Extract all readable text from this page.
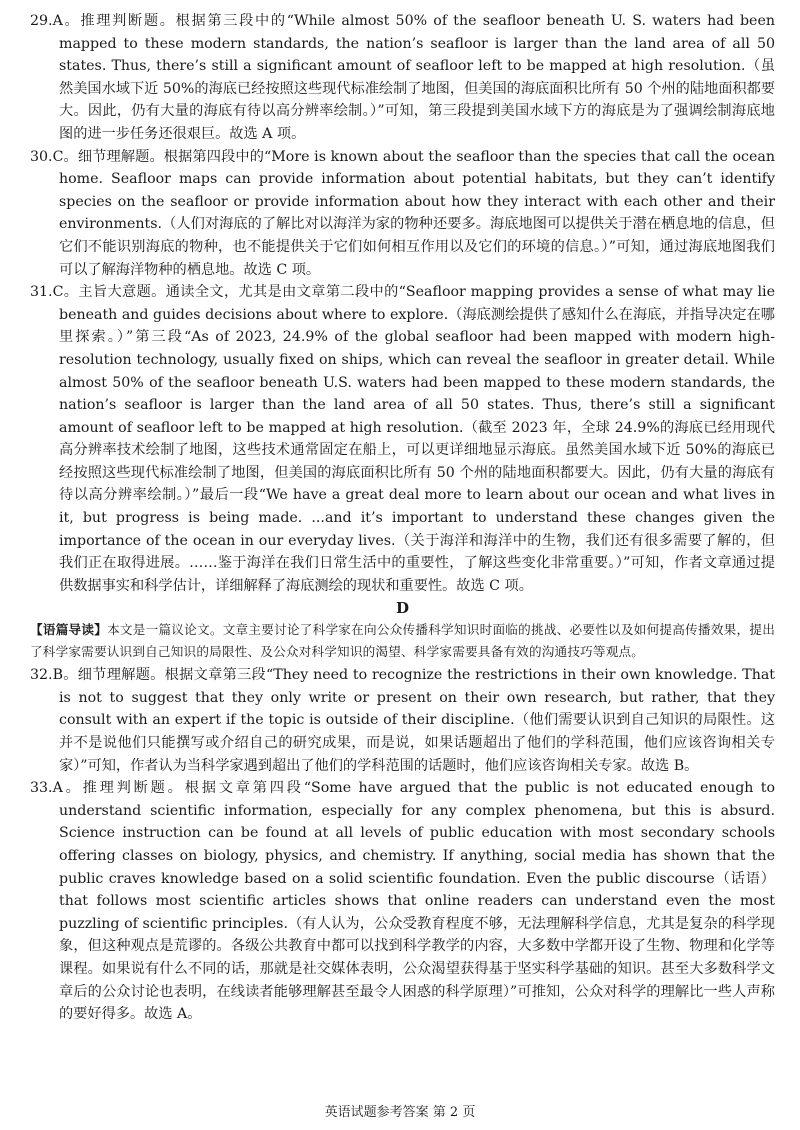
29.A。推理判断题。根据第三段中的“While almost 50% of the seafloor beneath U. S. waters had been mapped to these modern standards, the nation’s seafloor is larger than the land area of all 50 states. Thus, there’s still a significant amount of seafloor left to be mapped at high resolution.（虽然美国水域下近 50%的海底已经按照这些现代标准绘制了地图，但美国的海底面积比所有 50 个州的陆地面积都要大。因此，仍有大量的海底有待以高分辨率绘制。）”可知，第三段提到美国水域下方的海底是为了强调绘制海底地图的进一步任务还很艰巨。故选 A 项。

30.C。细节理解题。根据第四段中的“More is known about the seafloor than the species that call the ocean home. Seafloor maps can provide information about potential habitats, but they can’t identify species on the seafloor or provide information about how they interact with each other and their environments.（人们对海底的了解比对以海洋为家的物种还要多。海底地图可以提供关于潜在栖息地的信息，但它们不能识别海底的物种，也不能提供关于它们如何相互作用以及它们的环境的信息。）”可知，通过海底地图我们可以了解海洋物种的栖息地。故选 C 项。

31.C。主旨大意题。通读全文，尤其是由文章第二段中的“Seafloor mapping provides a sense of what may lie beneath and guides decisions about where to explore.（海底测绘提供了感知什么在海底，并指导决定在哪里探索。）”第三段“As of 2023, 24.9% of the global seafloor had been mapped with modern high-resolution technology, usually fixed on ships, which can reveal the seafloor in greater detail. While almost 50% of the seafloor beneath U.S. waters had been mapped to these modern standards, the nation’s seafloor is larger than the land area of all 50 states. Thus, there’s still a significant amount of seafloor left to be mapped at high resolution.（截至 2023 年，全球 24.9%的海底已经用现代高分辨率技术绘制了地图，这些技术通常固定在船上，可以更详细地显示海底。虽然美国水域下近 50%的海底已经按照这些现代标准绘制了地图，但美国的海底面积比所有 50 个州的陆地面积都要大。因此，仍有大量的海底有待以高分辨率绘制。）”最后一段“We have a great deal more to learn about our ocean and what lives in it, but progress is being made. ...and it’s important to understand these changes given the importance of the ocean in our everyday lives.（关于海洋和海洋中的生物，我们还有很多需要了解的，但我们正在取得进展。……鉴于海洋在我们日常生活中的重要性，了解这些变化非常重要。）”可知，作者文章通过提供数据事实和科学估计，详细解释了海底测绘的现状和重要性。故选 C 项。

D

【语篇导读】本文是一篇议论文。文章主要讨论了科学家在向公众传播科学知识时面临的挑战、必要性以及如何提高传播效果，提出了科学家需要认识到自己知识的局限性、及公众对科学知识的渴望、科学家需要具备有效的沟通技巧等观点。

32.B。细节理解题。根据文章第三段“They need to recognize the restrictions in their own knowledge. That is not to suggest that they only write or present on their own research, but rather, that they consult with an expert if the topic is outside of their discipline.（他们需要认识到自己知识的局限性。这并不是说他们只能撰写或介绍自己的研究成果，而是说，如果话题超出了他们的学科范围，他们应该咨询相关专家）”可知，作者认为当科学家遇到超出了他们的学科范围的话题时，他们应该咨询相关专家。故选 B。

33.A。推理判断题。根据文章第四段“Some have argued that the public is not educated enough to understand scientific information, especially for any complex phenomena, but this is absurd. Science instruction can be found at all levels of public education with most secondary schools offering classes on biology, physics, and chemistry. If anything, social media has shown that the public craves knowledge based on a solid scientific foundation. Even the public discourse（话语）that follows most scientific articles shows that online readers can understand even the most puzzling of scientific principles.（有人认为，公众受教育程度不够，无法理解科学信息，尤其是复杂的科学现象，但这种观点是荒谬的。各级公共教育中都可以找到科学教学的内容，大多数中学都开设了生物、物理和化学等课程。如果说有什么不同的话，那就是社交媒体表明，公众渴望获得基于坚实科学基础的知识。甚至大多数科学文章后的公众讨论也表明，在线读者能够理解甚至最令人困惑的科学原理）”可推知，公众对科学的理解比一些人声称的要好得多。故选 A。

英语试题参考答案 第 2 页
